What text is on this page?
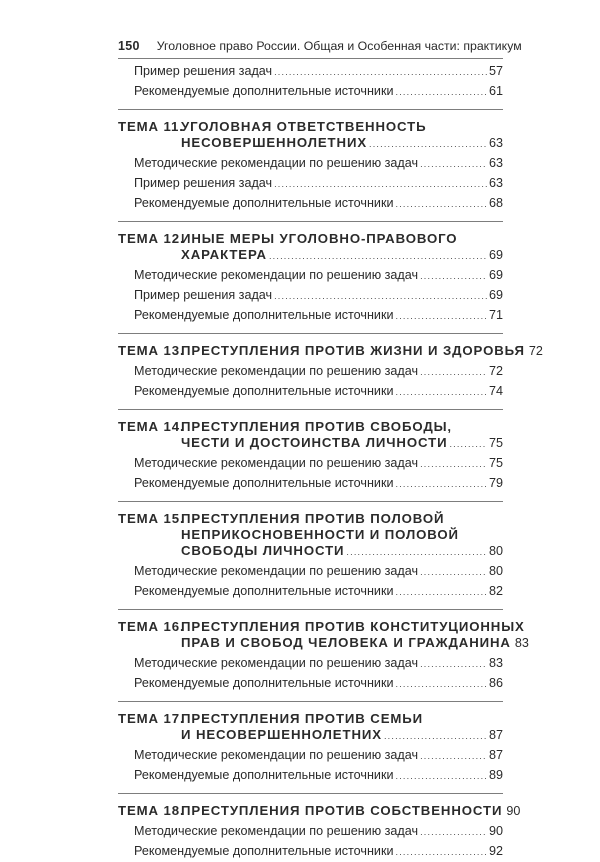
150 Уголовное право России. Общая и Особенная части: практикум
Пример решения задач .....	57
Рекомендуемые дополнительные источники .....	61
ТЕМА 11.
УГОЛОВНАЯ ОТВЕТСТВЕННОСТЬ
НЕСОВЕРШЕННОЛЕТНИХ .....	63
Методические рекомендации по решению задач .....	63
Пример решения задач .....	63
Рекомендуемые дополнительные источники .....	68
ТЕМА 12.
ИНЫЕ МЕРЫ УГОЛОВНО-ПРАВОВОГО
ХАРАКТЕРА .....	69
Методические рекомендации по решению задач .....	69
Пример решения задач .....	69
Рекомендуемые дополнительные источники .....	71
ТЕМА 13.
ПРЕСТУПЛЕНИЯ ПРОТИВ ЖИЗНИ И ЗДОРОВЬЯ 72
Методические рекомендации по решению задач .....	72
Рекомендуемые дополнительные источники .....	74
ТЕМА 14.
ПРЕСТУПЛЕНИЯ ПРОТИВ СВОБОДЫ,
ЧЕСТИ И ДОСТОИНСТВА ЛИЧНОСТИ .....	75
Методические рекомендации по решению задач .....	75
Рекомендуемые дополнительные источники .....	79
ТЕМА 15.
ПРЕСТУПЛЕНИЯ ПРОТИВ ПОЛОВОЙ
НЕПРИКОСНОВЕННОСТИ И ПОЛОВОЙ
СВОБОДЫ ЛИЧНОСТИ .....	80
Методические рекомендации по решению задач .....	80
Рекомендуемые дополнительные источники .....	82
ТЕМА 16.
ПРЕСТУПЛЕНИЯ ПРОТИВ КОНСТИТУЦИОННЫХ
ПРАВ И СВОБОД ЧЕЛОВЕКА И ГРАЖДАНИНА 83
Методические рекомендации по решению задач .....	83
Рекомендуемые дополнительные источники .....	86
ТЕМА 17.
ПРЕСТУПЛЕНИЯ ПРОТИВ СЕМЬИ
И НЕСОВЕРШЕННОЛЕТНИХ .....	87
Методические рекомендации по решению задач .....	87
Рекомендуемые дополнительные источники .....	89
ТЕМА 18.
ПРЕСТУПЛЕНИЯ ПРОТИВ СОБСТВЕННОСТИ 90
Методические рекомендации по решению задач .....	90
Рекомендуемые дополнительные источники .....	92
